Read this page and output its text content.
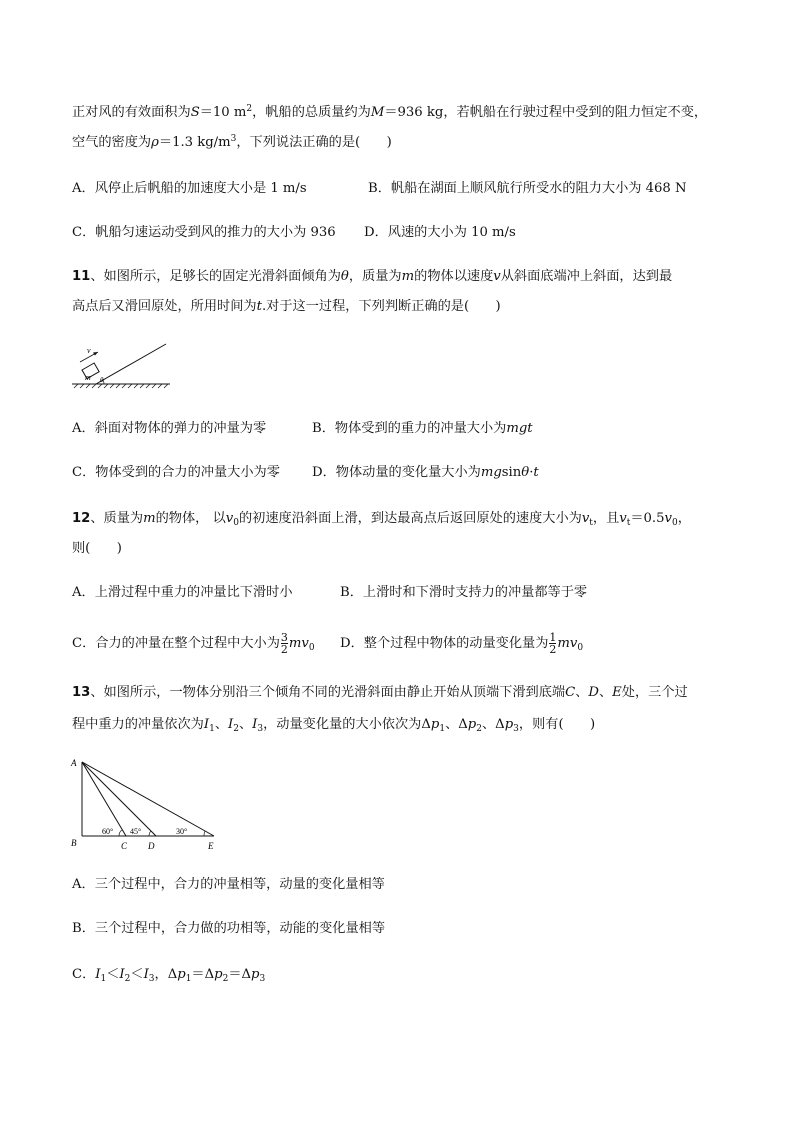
正对风的有效面积为S＝10 $m^2$，帆船的总质量约为M＝936 kg，若帆船在行驶过程中受到的阻力恒定不变，
空气的密度为ρ＝1.3 $kg/m^3$，下列说法正确的是(　　)
A．风停止后帆船的加速度大小是 1 m/s	B．帆船在湖面上顺风航行所受水的阻力大小为 468 N
C．帆船匀速运动受到风的推力的大小为 936 D．风速的大小为 10 m/s
11、如图所示，足够长的固定光滑斜面倾角为θ，质量为m的物体以速度v从斜面底端冲上斜面，达到最
高点后又滑回原处，所用时间为t.对于这一过程，下列判断正确的是(　　)
m
v
θ
A．斜面对物体的弹力的冲量为零	B．物体受到的重力的冲量大小为mgt
C．物体受到的合力的冲量大小为零 D．物体动量的变化量大小为mgsinθ·t
12、质量为m的物体， 以$v_0$的初速度沿斜面上滑，到达最高点后返回原处的速度大小为$v_t$，且$v_t=0.5v_0$，
则(　　)
A．上滑过程中重力的冲量比下滑时小	B．上滑时和下滑时支持力的冲量都等于零
C．合力的冲量在整个过程中大小为 $\frac{3}{2} mv_0$ D．整个过程中物体的动量变化量为 $\frac{1}{2} mv_0$
13、如图所示，一物体分别沿三个倾角不同的光滑斜面由静止开始从顶端下滑到底端C、D、E处，三个过
程中重力的冲量依次为$I_1$、$I_2$、$I_3$，动量变化量的大小依次为$\Delta p_1$、$\Delta p_2$、$\Delta p_3$，则有(　　)
A
B	C D	E
60° 45°	30°
A．三个过程中，合力的冲量相等，动量的变化量相等
B．三个过程中，合力做的功相等，动能的变化量相等
C．$I_1<I_2<I_3$，$\Delta p_1=\Delta p_2=\Delta p_3$
